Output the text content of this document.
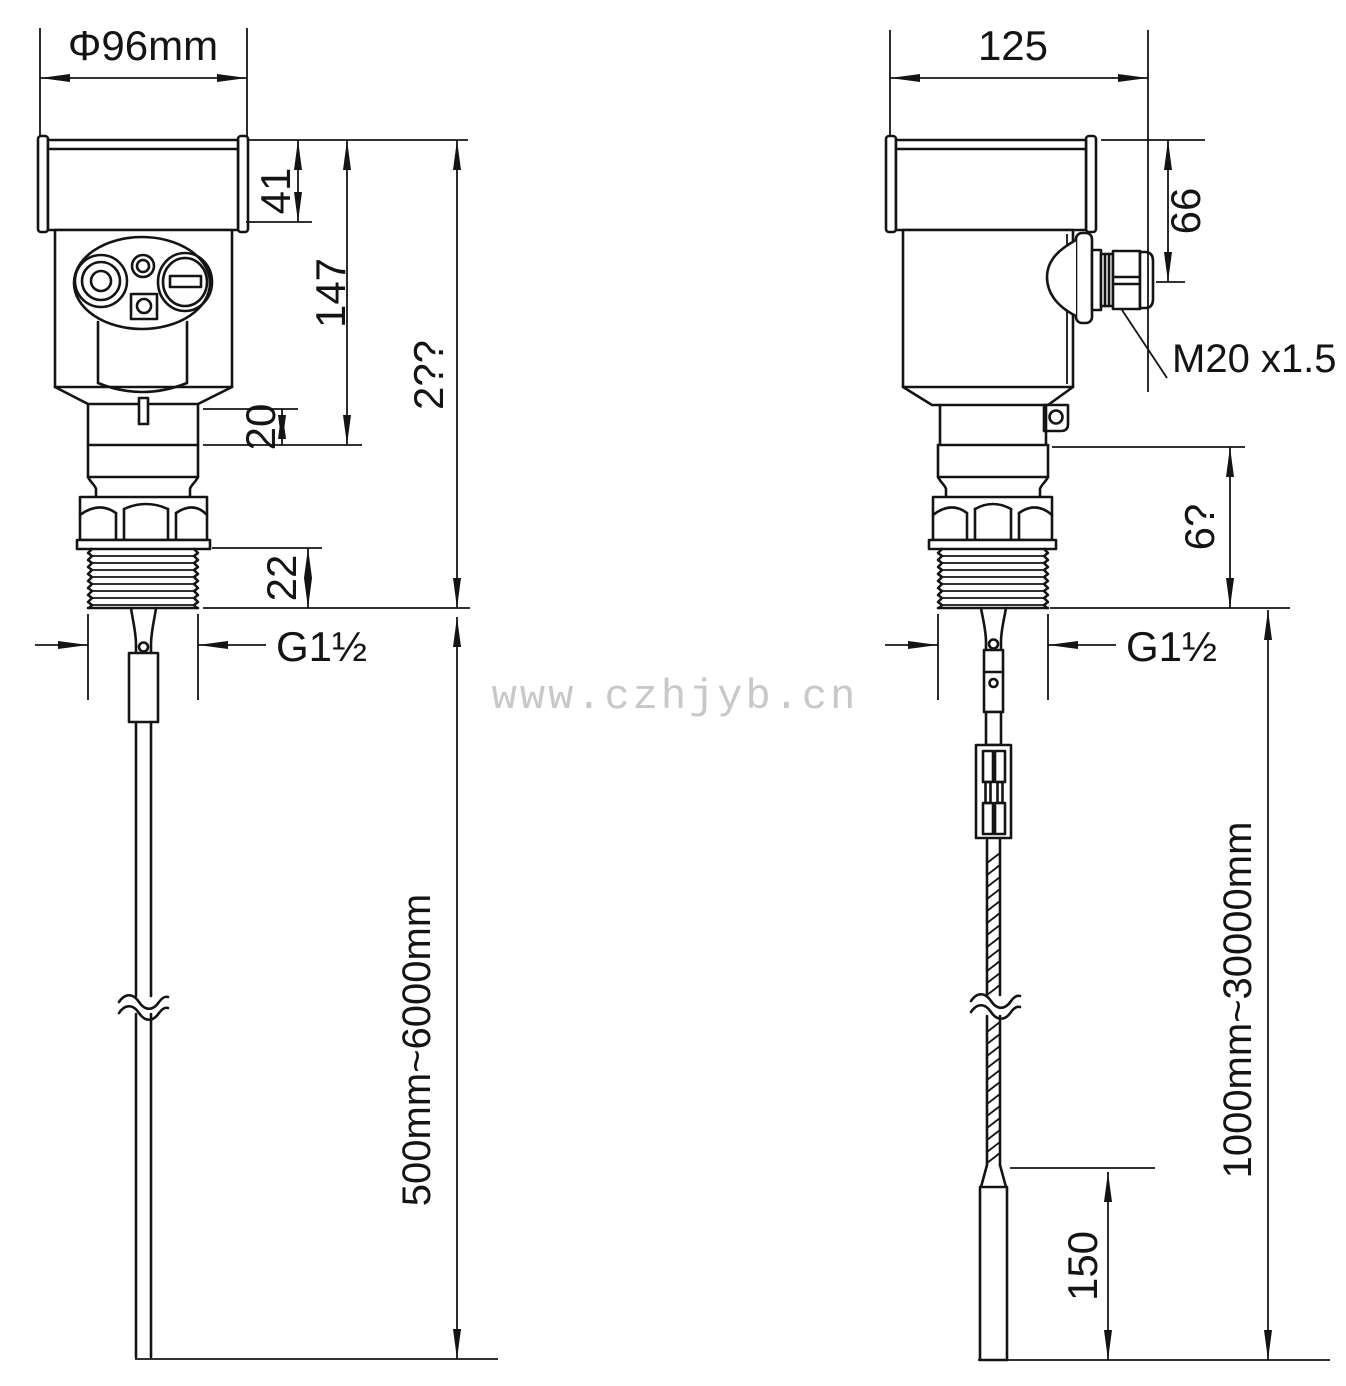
Φ96mm
41
147
20
2??
22
G1½
500mm~6000mm
125
66
M20 x1.5
6?
G1½
150
1000mm~30000mm
www.czhjyb.cn
